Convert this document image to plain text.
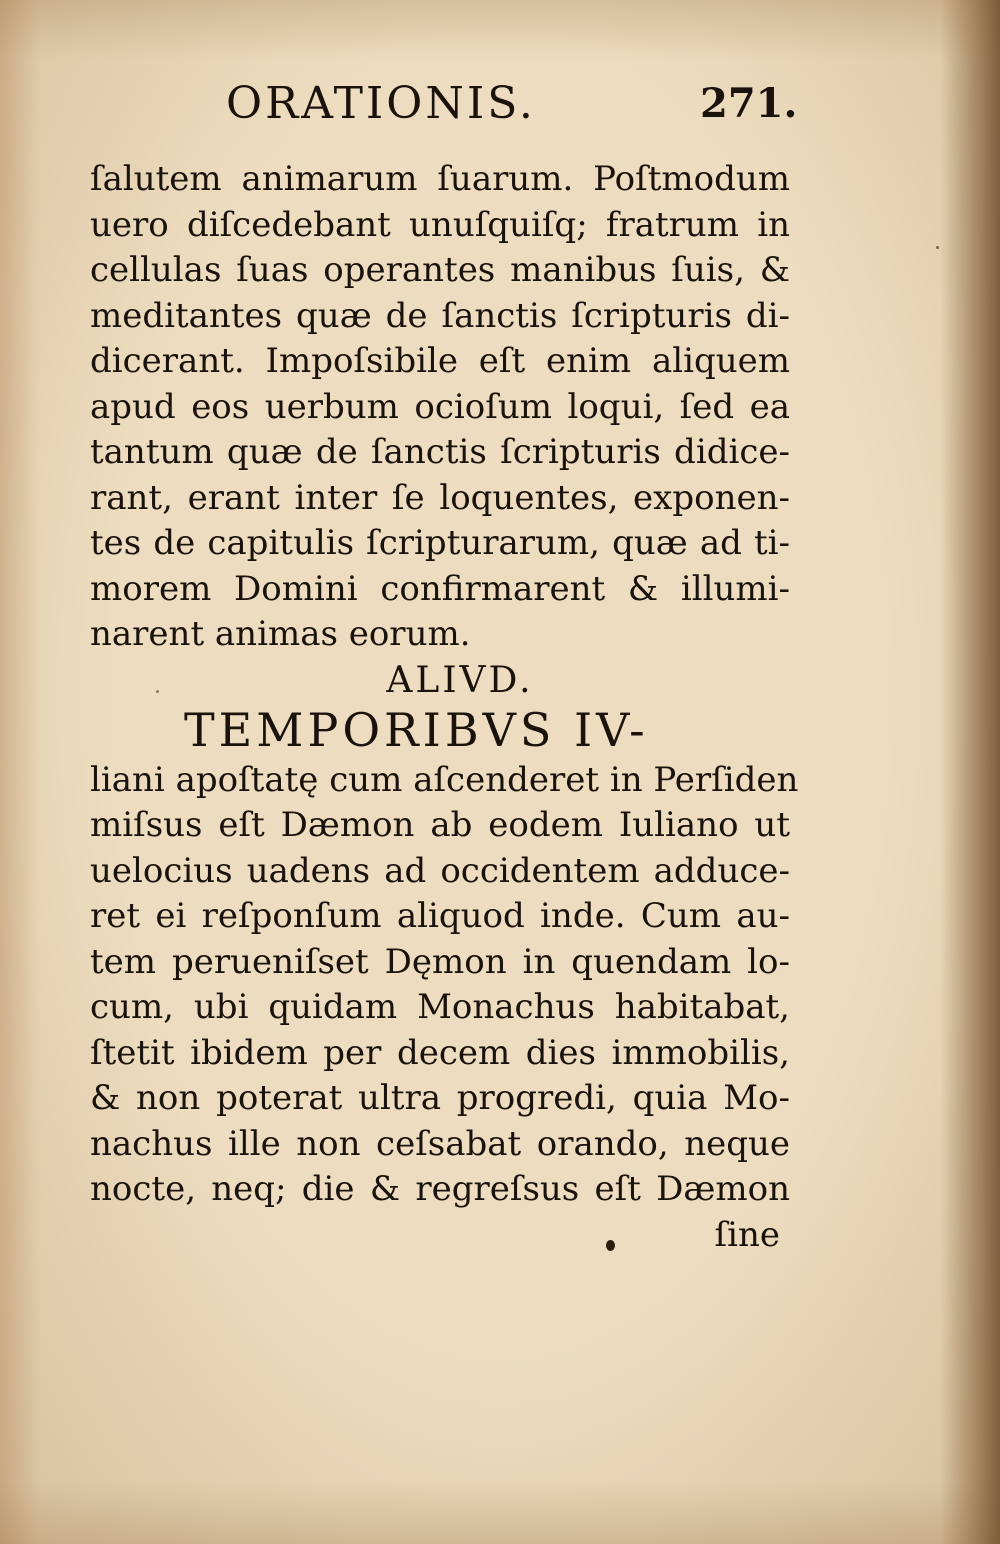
ORATIONIS.	271.
ſalutem animarum ſuarum. Poſtmodum
uero diſcedebant unuſquiſq; fratrum in
cellulas ſuas operantes manibus ſuis, &
meditantes quæ de ſanctis ſcripturis di-
dicerant. Impoſsibile eſt enim aliquem
apud eos uerbum ocioſum loqui, ſed ea
tantum quæ de ſanctis ſcripturis didice-
rant, erant inter ſe loquentes, exponen-
tes de capitulis ſcripturarum, quæ ad ti-
morem Domini confirmarent & illumi-
narent animas eorum.
ALIVD.
TEMPORIBVS IV-
liani apoſtatę cum aſcenderet in Perſiden
miſsus eſt Dæmon ab eodem Iuliano ut
uelocius uadens ad occidentem adduce-
ret ei reſponſum aliquod inde. Cum au-
tem perueniſset Dęmon in quendam lo-
cum, ubi quidam Monachus habitabat,
ſtetit ibidem per decem dies immobilis,
& non poterat ultra progredi, quia Mo-
nachus ille non ceſsabat orando, neque
nocte, neq; die & regreſsus eſt Dæmon
ſine
